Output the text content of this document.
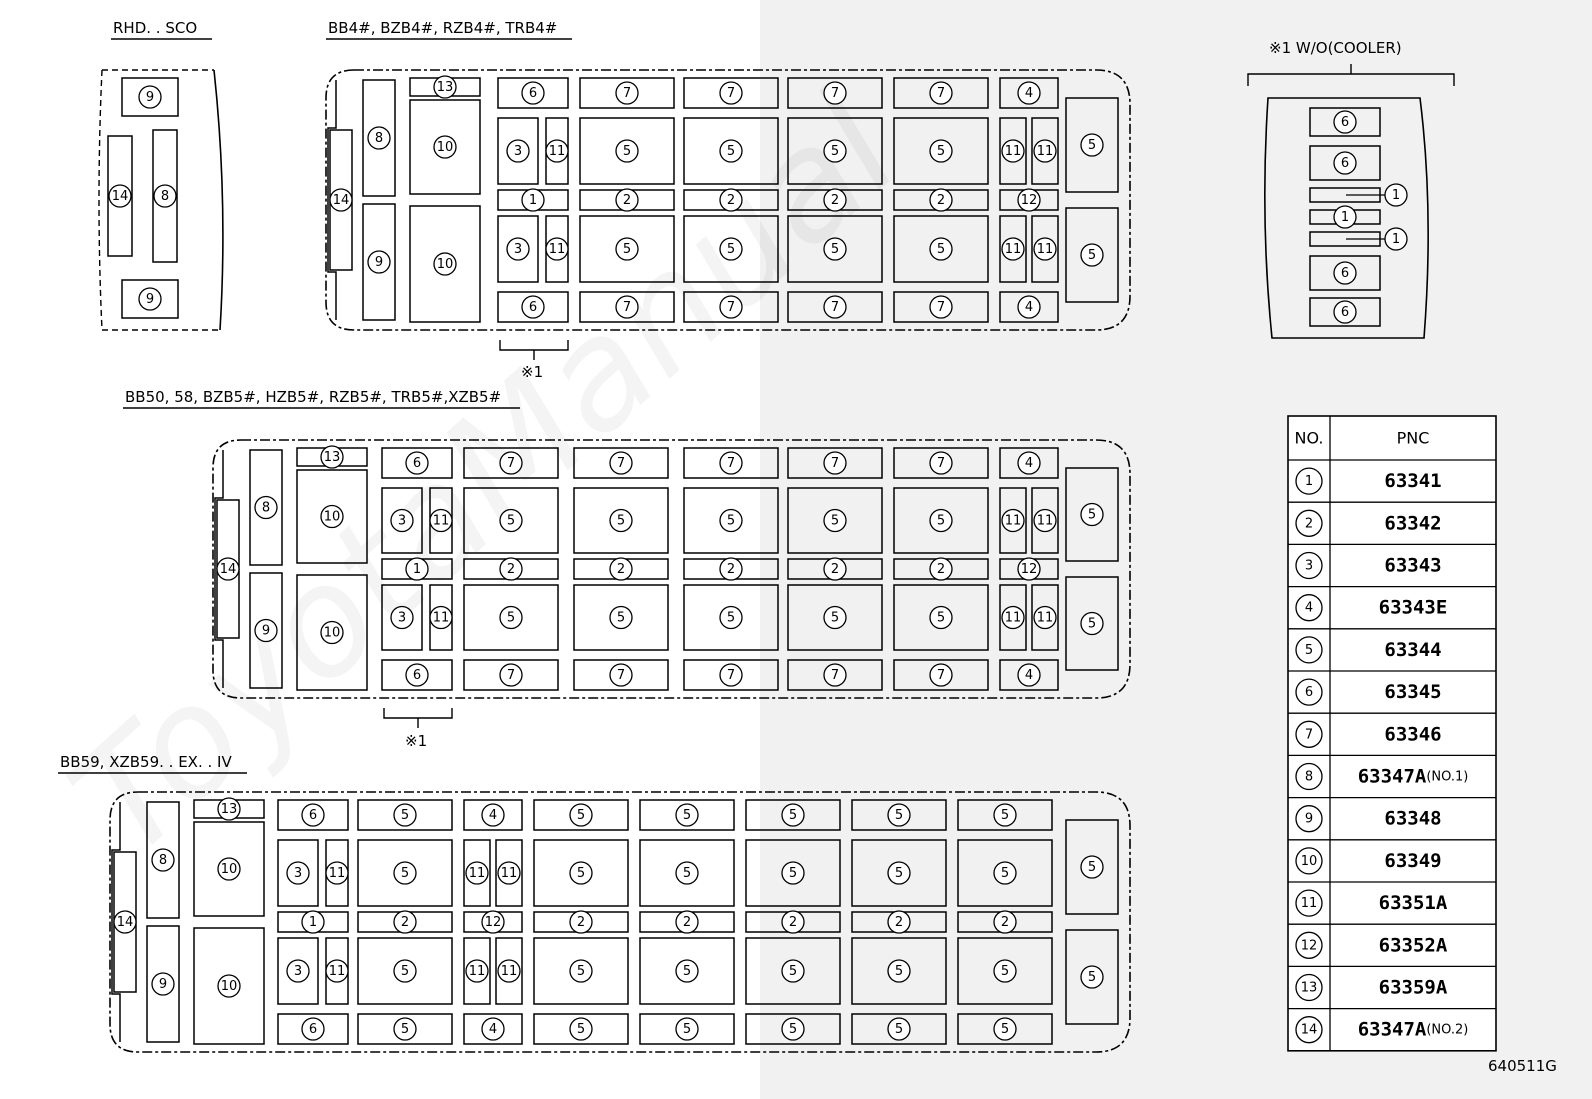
RHD. . SCO	BB4#, BZB4#, RZB4#, TRB4#
※1 W/O(COOLER)
BB50, 58, BZB5#, HZB5#, RZB5#, TRB5#,XZB5#
BB59, XZB59. . EX. . IV
※1
※1
9
14	8
9
8
9
14
13
10
10
6
6
3 11
1
3 11
7
7
5
2
5
7
7
5
2
5
7
7
5
2
5
7
7
5
2
5
4
4
11 11
12
11 11
5
5
8
9
14
13
10
10
6
6
3 11
1
3 11
7
7
5
2
5
7
7
5
2
5
7
7
5
2
5
7
7
5
2
5
7
7
5
2
5
4
4
11 11
12
11 11
5
5
8
9
14
13
10
10
6
6
3 11
1
3 11
5
5
5
2
5
4
4
11 11
12
11 11
5
5
5
2
5
5
5
5
2
5
5
5
5
2
5
5
5
5
2
5
5
5
5
2
5
5
5
6
6
1
1
1
6
6
NO.	PNC
1	63341
2	63342
3	63343
4	63343E
5	63344
6	63345
7	63346
8 63347A(NO.1)
9	63348
10	63349
11	63351A
12	63352A
13	63359A
14 63347A(NO.2)
640511G
